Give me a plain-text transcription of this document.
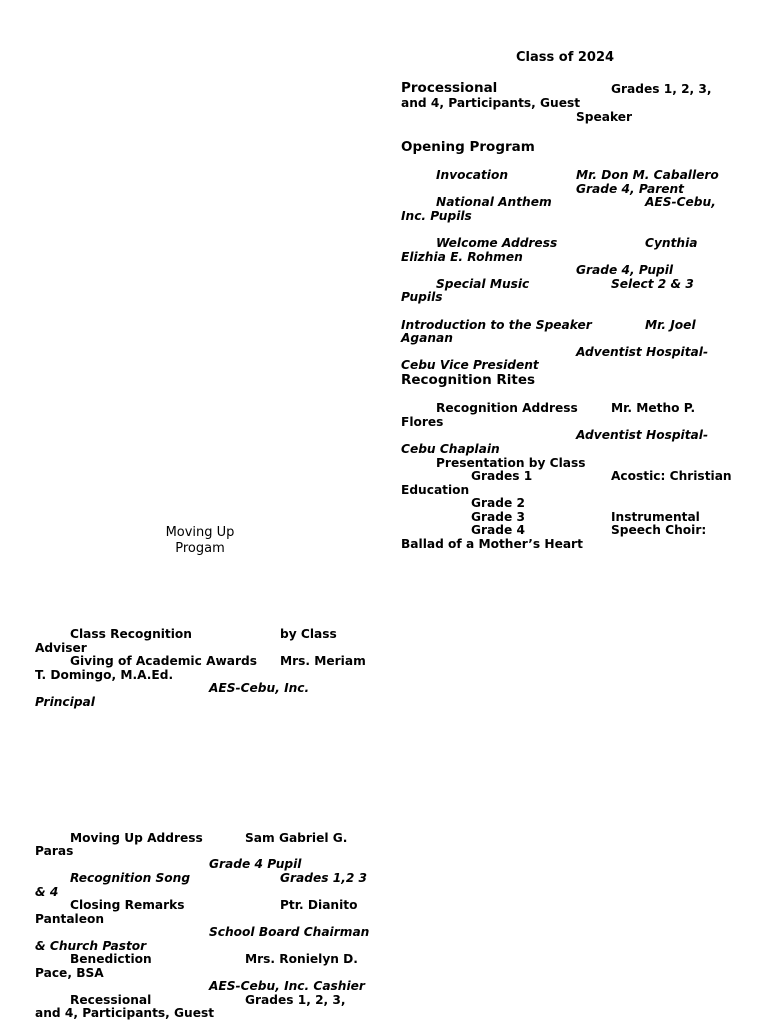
Moving Up
Progam
Class of 2024
Processional	Grades 1, 2, 3,
and 4, Participants, Guest
Speaker
Opening Program
Invocation	Mr. Don M. Caballero
Grade 4, Parent
National Anthem	AES-Cebu,
Inc. Pupils
Welcome Address	Cynthia
Elizhia E. Rohmen
Grade 4, Pupil
Special Music	Select 2 & 3
Pupils
Introduction to the Speaker	Mr. Joel
Aganan
Adventist Hospital-
Cebu Vice President
Recognition Rites
Recognition Address	Mr. Metho P.
Flores
Adventist Hospital-
Cebu Chaplain
Presentation by Class
Grades 1	Acostic: Christian
Education
Grade 2
Grade 3	Instrumental
Grade 4	Speech Choir:
Ballad of a Mother’s Heart
Class Recognition	by Class
Adviser
Giving of Academic Awards Mrs. Meriam
T. Domingo, M.A.Ed.
AES-Cebu, Inc.
Principal
Moving Up Address	Sam Gabriel G.
Paras
Grade 4 Pupil
Recognition Song	Grades 1,2 3
& 4
Closing Remarks	Ptr. Dianito
Pantaleon
School Board Chairman
& Church Pastor
Benediction	Mrs. Ronielyn D.
Pace, BSA
AES-Cebu, Inc. Cashier
Recessional	Grades 1, 2, 3,
and 4, Participants, Guest
